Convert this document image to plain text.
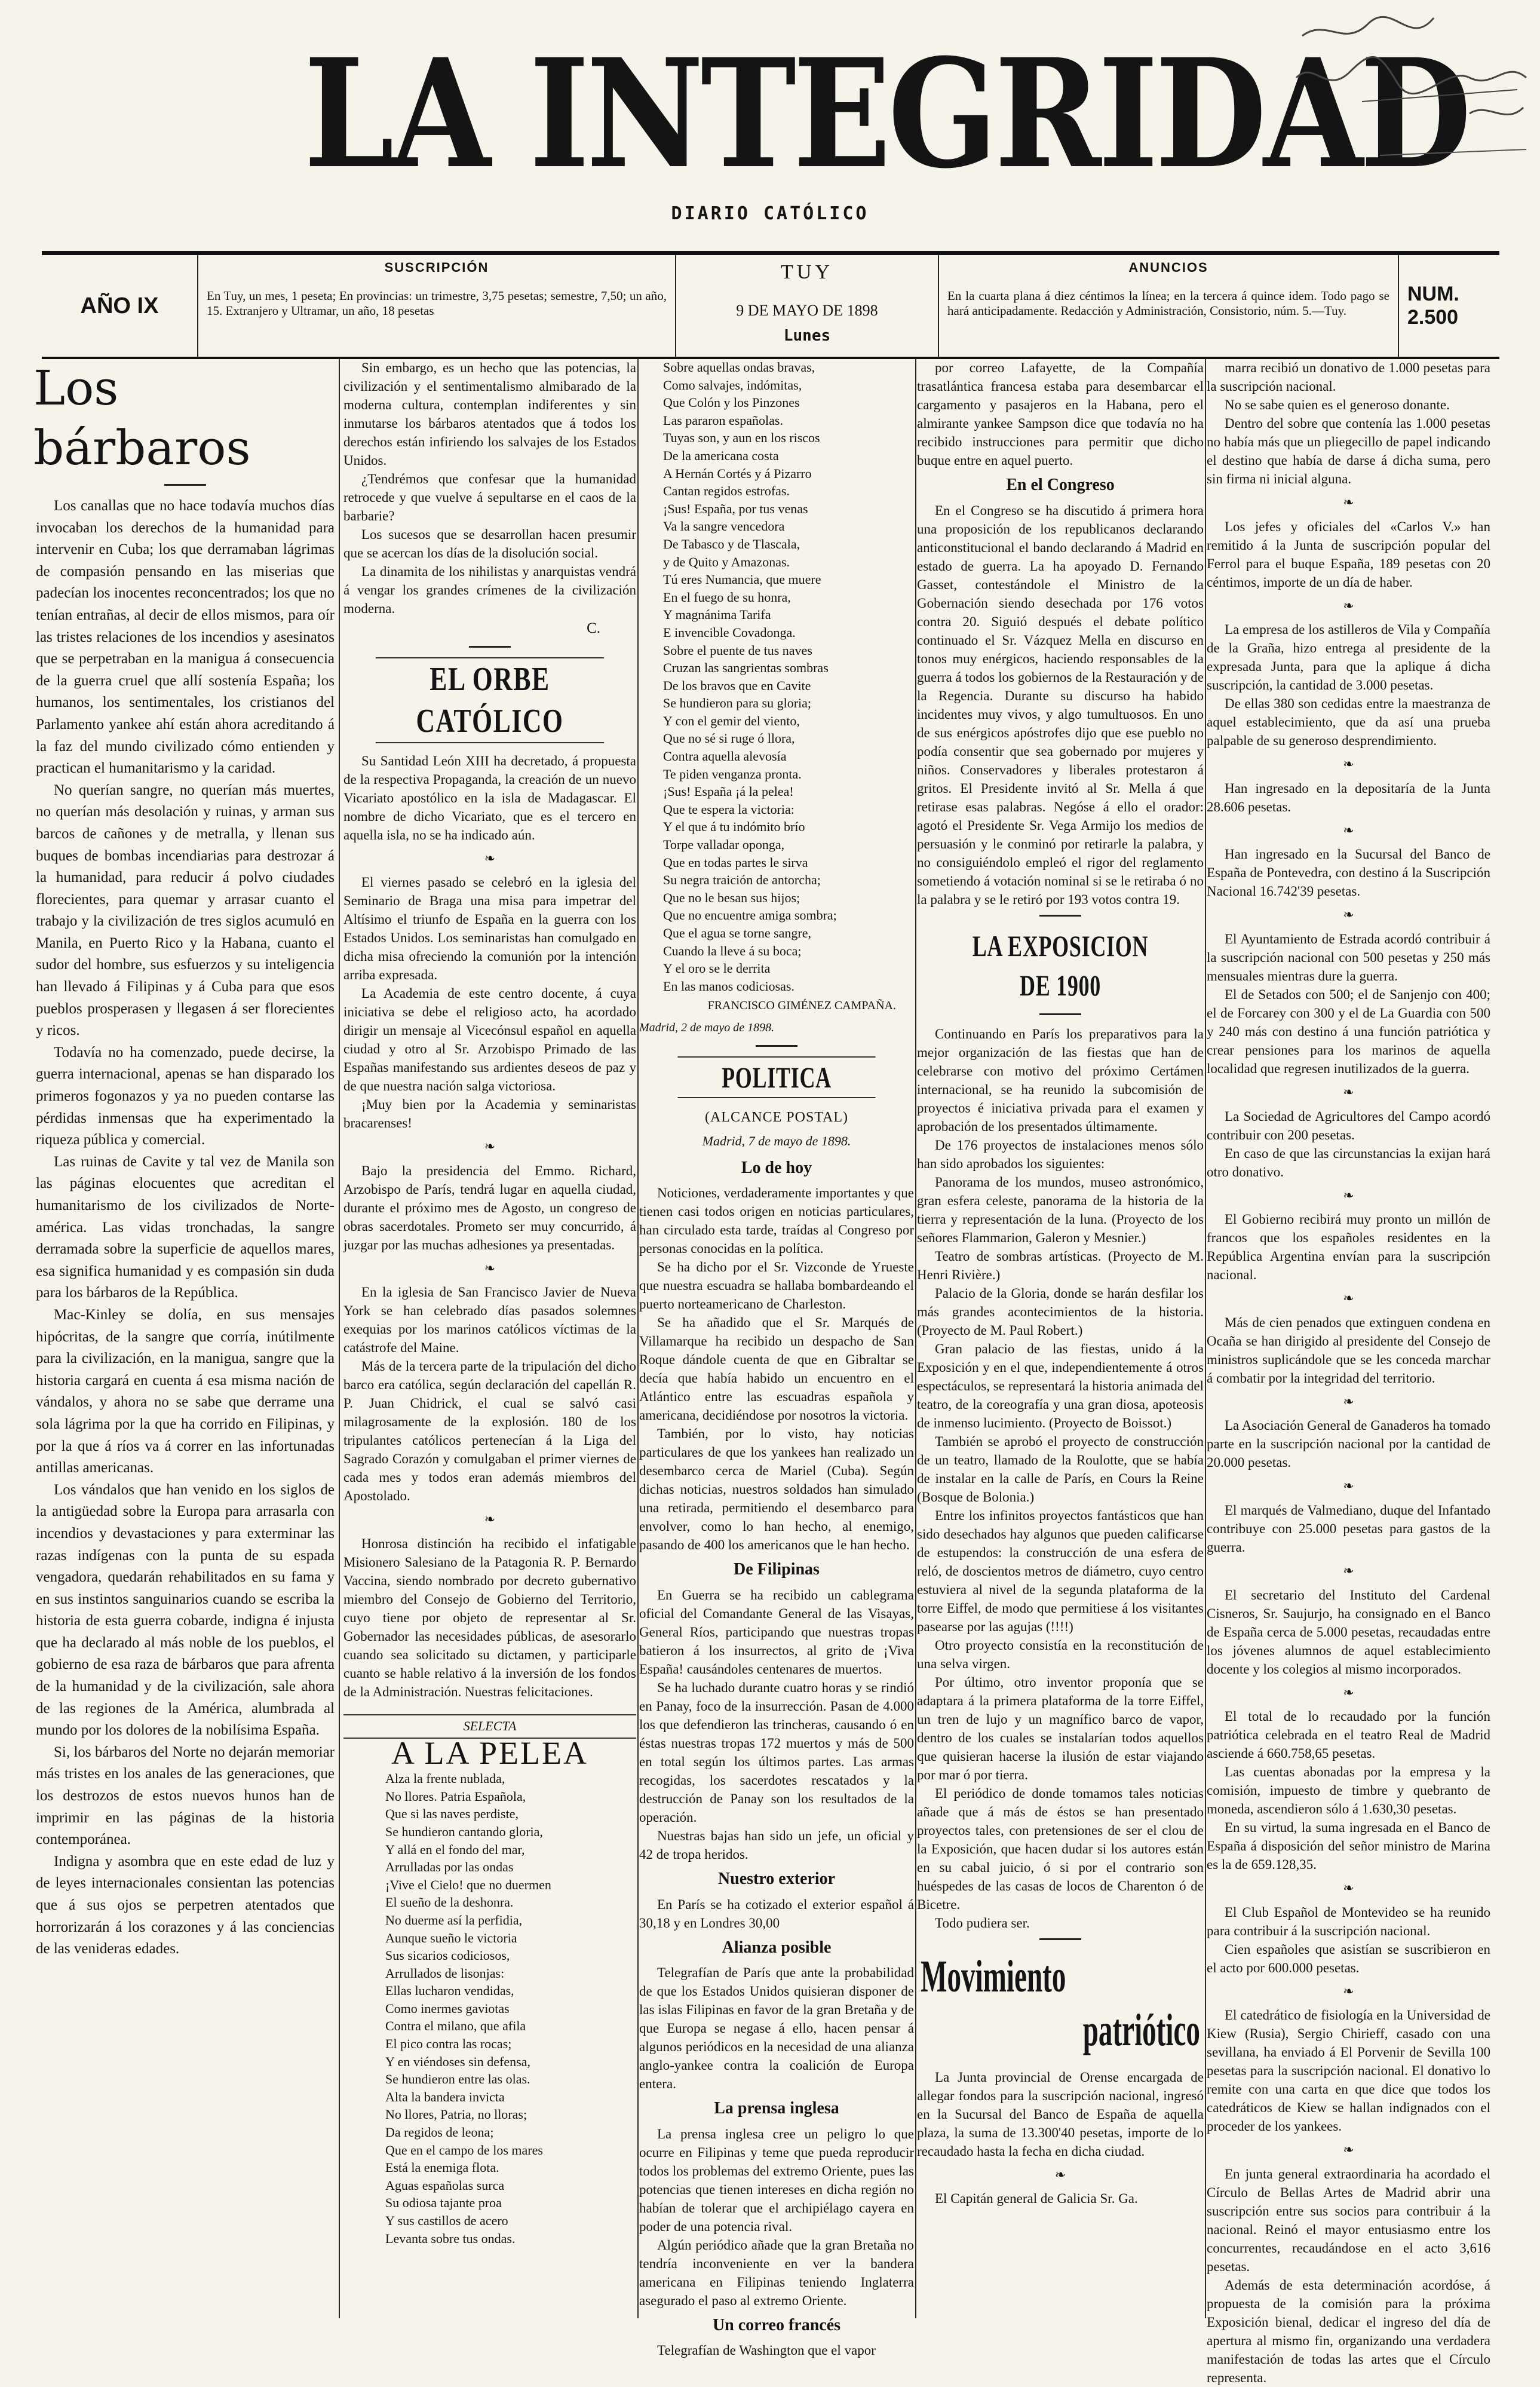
LA INTEGRIDAD
DIARIO CATÓLICO
AÑO IX
SUSCRIPCIÓN
En Tuy, un mes, 1 peseta; En provincias: un trimestre, 3,75 pesetas; semestre, 7,50; un año, 15. Extranjero y Ultramar, un año, 18 pesetas
TUY
9 DE MAYO DE 1898
Lunes
ANUNCIOS
En la cuarta plana á diez céntimos la línea; en la tercera á quince idem. Todo pago se hará anticipadamente. Redacción y Administración, Consistorio, núm. 5.—Tuy.
NUM. 2.500
Los bárbaros

Los canallas que no hace todavía muchos días invocaban los derechos de la humanidad para intervenir en Cuba; los que derramaban lágrimas de compasión pensando en las miserias que padecían los inocentes reconcentrados; los que no tenían entrañas, al decir de ellos mismos, para oír las tristes relaciones de los incendios y asesinatos que se perpetraban en la manigua á consecuencia de la guerra cruel que allí sostenía España; los humanos, los sentimentales, los cristianos del Parlamento yankee ahí están ahora acreditando á la faz del mundo civilizado cómo entienden y practican el humanitarismo y la caridad.

No querían sangre, no querían más muertes, no querían más desolación y ruinas, y arman sus barcos de cañones y de metralla, y llenan sus buques de bombas incendiarias para destrozar á la humanidad, para reducir á polvo ciudades florecientes, para quemar y arrasar cuanto el trabajo y la civilización de tres siglos acumuló en Manila, en Puerto Rico y la Habana, cuanto el sudor del hombre, sus esfuerzos y su inteligencia han llevado á Filipinas y á Cuba para que esos pueblos prosperasen y llegasen á ser florecientes y ricos.

Todavía no ha comenzado, puede decirse, la guerra internacional, apenas se han disparado los primeros fogonazos y ya no pueden contarse las pérdidas inmensas que ha experimentado la riqueza pública y comercial.

Las ruinas de Cavite y tal vez de Manila son las páginas elocuentes que acreditan el humanitarismo de los civilizados de Norte-américa. Las vidas tronchadas, la sangre derramada sobre la superficie de aquellos mares, esa significa humanidad y es compasión sin duda para los bárbaros de la República.

Mac-Kinley se dolía, en sus mensajes hipócritas, de la sangre que corría, inútilmente para la civilización, en la manigua, sangre que la historia cargará en cuenta á esa misma nación de vándalos, y ahora no se sabe que derrame una sola lágrima por la que ha corrido en Filipinas, y por la que á ríos va á correr en las infortunadas antillas americanas.

Los vándalos que han venido en los siglos de la antigüedad sobre la Europa para arrasarla con incendios y devastaciones y para exterminar las razas indígenas con la punta de su espada vengadora, quedarán rehabilitados en su fama y en sus instintos sanguinarios cuando se escriba la historia de esta guerra cobarde, indigna é injusta que ha declarado al más noble de los pueblos, el gobierno de esa raza de bárbaros que para afrenta de la humanidad y de la civilización, sale ahora de las regiones de la América, alumbrada al mundo por los dolores de la nobilísima España.

Si, los bárbaros del Norte no dejarán memoriar más tristes en los anales de las generaciones, que los destrozos de estos nuevos hunos han de imprimir en las páginas de la historia contemporánea.

Indigna y asombra que en este edad de luz y de leyes internacionales consientan las potencias que á sus ojos se perpetren atentados que horrorizarán á los corazones y á las conciencias de las venideras edades.

Sin embargo, es un hecho que las potencias, la civilización y el sentimentalismo almibarado de la moderna cultura, contemplan indiferentes y sin inmutarse los bárbaros atentados que á todos los derechos están infiriendo los salvajes de los Estados Unidos.

¿Tendrémos que confesar que la humanidad retrocede y que vuelve á sepultarse en el caos de la barbarie?

Los sucesos que se desarrollan hacen presumir que se acercan los días de la disolución social.

La dinamita de los nihilistas y anarquistas vendrá á vengar los grandes crímenes de la civilización moderna.

C.
EL ORBE CATÓLICO

Su Santidad León XIII ha decretado, á propuesta de la respectiva Propaganda, la creación de un nuevo Vicariato apostólico en la isla de Madagascar. El nombre de dicho Vicariato, que es el tercero en aquella isla, no se ha indicado aún.

❧

El viernes pasado se celebró en la iglesia del Seminario de Braga una misa para impetrar del Altísimo el triunfo de España en la guerra con los Estados Unidos. Los seminaristas han comulgado en dicha misa ofreciendo la comunión por la intención arriba expresada.

La Academia de este centro docente, á cuya iniciativa se debe el religioso acto, ha acordado dirigir un mensaje al Vicecónsul español en aquella ciudad y otro al Sr. Arzobispo Primado de las Españas manifestando sus ardientes deseos de paz y de que nuestra nación salga victoriosa.

¡Muy bien por la Academia y seminaristas bracarenses!

❧

Bajo la presidencia del Emmo. Richard, Arzobispo de París, tendrá lugar en aquella ciudad, durante el próximo mes de Agosto, un congreso de obras sacerdotales. Prometo ser muy concurrido, á juzgar por las muchas adhesiones ya presentadas.

❧

En la iglesia de San Francisco Javier de Nueva York se han celebrado días pasados solemnes exequias por los marinos católicos víctimas de la catástrofe del Maine.

Más de la tercera parte de la tripulación del dicho barco era católica, según declaración del capellán R. P. Juan Chidrick, el cual se salvó casi milagrosamente de la explosión. 180 de los tripulantes católicos pertenecían á la Liga del Sagrado Corazón y comulgaban el primer viernes de cada mes y todos eran además miembros del Apostolado.

❧

Honrosa distinción ha recibido el infatigable Misionero Salesiano de la Patagonia R. P. Bernardo Vaccina, siendo nombrado por decreto gubernativo miembro del Consejo de Gobierno del Territorio, cuyo tiene por objeto de representar al Sr. Gobernador las necesidades públicas, de asesorarlo cuando sea solicitado su dictamen, y participarle cuanto se hable relativo á la inversión de los fondos de la Administración. Nuestras felicitaciones.

SELECTA
A LA PELEA
Alza la frente nublada,
No llores. Patria Española,
Que si las naves perdiste,
Se hundieron cantando gloria,
Y allá en el fondo del mar,
Arrulladas por las ondas
¡Vive el Cielo! que no duermen
El sueño de la deshonra.
No duerme así la perfidia,
Aunque sueño le victoria
Sus sicarios codiciosos,
Arrullados de lisonjas:
Ellas lucharon vendidas,
Como inermes gaviotas
Contra el milano, que afila
El pico contra las rocas;
Y en viéndoses sin defensa,
Se hundieron entre las olas.
Alta la bandera invicta
No llores, Patria, no lloras;
Da regidos de leona;
Que en el campo de los mares
Está la enemiga flota.
Aguas españolas surca
Su odiosa tajante proa
Y sus castillos de acero
Levanta sobre tus ondas.
Sobre aquellas ondas bravas,
Como salvajes, indómitas,
Que Colón y los Pinzones
Las pararon españolas.
Tuyas son, y aun en los riscos
De la americana costa
A Hernán Cortés y á Pizarro
Cantan regidos estrofas.
¡Sus! España, por tus venas
Va la sangre vencedora
De Tabasco y de Tlascala,
y de Quito y Amazonas.
Tú eres Numancia, que muere
En el fuego de su honra,
Y magnánima Tarifa
E invencible Covadonga.
Sobre el puente de tus naves
Cruzan las sangrientas sombras
De los bravos que en Cavite
Se hundieron para su gloria;
Y con el gemir del viento,
Que no sé si ruge ó llora,
Contra aquella alevosía
Te piden venganza pronta.
¡Sus! España ¡á la pelea!
Que te espera la victoria:
Y el que á tu indómito brío
Torpe valladar oponga,
Que en todas partes le sirva
Su negra traición de antorcha;
Que no le besan sus hijos;
Que no encuentre amiga sombra;
Que el agua se torne sangre,
Cuando la lleve á su boca;
Y el oro se le derrita
En las manos codiciosas.
FRANCISCO GIMÉNEZ CAMPAÑA.
Madrid, 2 de mayo de 1898.
POLITICA
(ALCANCE POSTAL)
Madrid, 7 de mayo de 1898.
Lo de hoy

Noticiones, verdaderamente importantes y que tienen casi todos origen en noticias particulares, han circulado esta tarde, traídas al Congreso por personas conocidas en la política.

Se ha dicho por el Sr. Vizconde de Yrueste que nuestra escuadra se hallaba bombardeando el puerto norteamericano de Charleston.

Se ha añadido que el Sr. Marqués de Villamarque ha recibido un despacho de San Roque dándole cuenta de que en Gibraltar se decía que había habido un encuentro en el Atlántico entre las escuadras española y americana, decidiéndose por nosotros la victoria.

También, por lo visto, hay noticias particulares de que los yankees han realizado un desembarco cerca de Mariel (Cuba). Según dichas noticias, nuestros soldados han simulado una retirada, permitiendo el desembarco para envolver, como lo han hecho, al enemigo, pasando de 400 los americanos que le han hecho.

De Filipinas

En Guerra se ha recibido un cablegrama oficial del Comandante General de las Visayas, General Ríos, participando que nuestras tropas batieron á los insurrectos, al grito de ¡Viva España! causándoles centenares de muertos.

Se ha luchado durante cuatro horas y se rindió en Panay, foco de la insurrección. Pasan de 4.000 los que defendieron las trincheras, causando ó en éstas nuestras tropas 172 muertos y más de 500 en total según los últimos partes. Las armas recogidas, los sacerdotes rescatados y la destrucción de Panay son los resultados de la operación.

Nuestras bajas han sido un jefe, un oficial y 42 de tropa heridos.

Nuestro exterior

En París se ha cotizado el exterior español á 30,18 y en Londres 30,00

Alianza posible

Telegrafían de París que ante la probabilidad de que los Estados Unidos quisieran disponer de las islas Filipinas en favor de la gran Bretaña y de que Europa se negase á ello, hacen pensar á algunos periódicos en la necesidad de una alianza anglo-yankee contra la coalición de Europa entera.

La prensa inglesa

La prensa inglesa cree un peligro lo que ocurre en Filipinas y teme que pueda reproducir todos los problemas del extremo Oriente, pues las potencias que tienen intereses en dicha región no habían de tolerar que el archipiélago cayera en poder de una potencia rival.

Algún periódico añade que la gran Bretaña no tendría inconveniente en ver la bandera americana en Filipinas teniendo Inglaterra asegurado el paso al extremo Oriente.

Un correo francés

Telegrafían de Washington que el vapor

por correo Lafayette, de la Compañía trasatlántica francesa estaba para desembarcar el cargamento y pasajeros en la Habana, pero el almirante yankee Sampson dice que todavía no ha recibido instrucciones para permitir que dicho buque entre en aquel puerto.

En el Congreso

En el Congreso se ha discutido á primera hora una proposición de los republicanos declarando anticonstitucional el bando declarando á Madrid en estado de guerra. La ha apoyado D. Fernando Gasset, contestándole el Ministro de la Gobernación siendo desechada por 176 votos contra 20. Siguió después el debate político continuado el Sr. Vázquez Mella en discurso en tonos muy enérgicos, haciendo responsables de la guerra á todos los gobiernos de la Restauración y de la Regencia. Durante su discurso ha habido incidentes muy vivos, y algo tumultuosos. En uno de sus enérgicos apóstrofes dijo que ese pueblo no podía consentir que sea gobernado por mujeres y niños. Conservadores y liberales protestaron á gritos. El Presidente invitó al Sr. Mella á que retirase esas palabras. Negóse á ello el orador: agotó el Presidente Sr. Vega Armijo los medios de persuasión y le conminó por retirarle la palabra, y no consiguiéndolo empleó el rigor del reglamento sometiendo á votación nominal si se le retiraba ó no la palabra y se le retiró por 193 votos contra 19.

LA EXPOSICION DE 1900

Continuando en París los preparativos para la mejor organización de las fiestas que han de celebrarse con motivo del próximo Certámen internacional, se ha reunido la subcomisión de proyectos é iniciativa privada para el examen y aprobación de los presentados últimamente.

De 176 proyectos de instalaciones menos sólo han sido aprobados los siguientes:

Panorama de los mundos, museo astronómico, gran esfera celeste, panorama de la historia de la tierra y representación de la luna. (Proyecto de los señores Flammarion, Galeron y Mesnier.)

Teatro de sombras artísticas. (Proyecto de M. Henri Rivière.)

Palacio de la Gloria, donde se harán desfilar los más grandes acontecimientos de la historia. (Proyecto de M. Paul Robert.)

Gran palacio de las fiestas, unido á la Exposición y en el que, independientemente á otros espectáculos, se representará la historia animada del teatro, de la coreografía y una gran diosa, apoteosis de inmenso lucimiento. (Proyecto de Boissot.)

También se aprobó el proyecto de construcción de un teatro, llamado de la Roulotte, que se había de instalar en la calle de París, en Cours la Reine (Bosque de Bolonia.)

Entre los infinitos proyectos fantásticos que han sido desechados hay algunos que pueden calificarse de estupendos: la construcción de una esfera de reló, de doscientos metros de diámetro, cuyo centro estuviera al nivel de la segunda plataforma de la torre Eiffel, de modo que permitiese á los visitantes pasearse por las agujas (!!!!)

Otro proyecto consistía en la reconstitución de una selva virgen.

Por último, otro inventor proponía que se adaptara á la primera plataforma de la torre Eiffel, un tren de lujo y un magnífico barco de vapor, dentro de los cuales se instalarían todos aquellos que quisieran hacerse la ilusión de estar viajando por mar ó por tierra.

El periódico de donde tomamos tales noticias añade que á más de éstos se han presentado proyectos tales, con pretensiones de ser el clou de la Exposición, que hacen dudar si los autores están en su cabal juicio, ó si por el contrario son huéspedes de las casas de locos de Charenton ó de Bicetre.

Todo pudiera ser.

Movimiento
patriótico

La Junta provincial de Orense encargada de allegar fondos para la suscripción nacional, ingresó en la Sucursal del Banco de España de aquella plaza, la suma de 13.300'40 pesetas, importe de lo recaudado hasta la fecha en dicha ciudad.

❧

El Capitán general de Galicia Sr. Ga.

marra recibió un donativo de 1.000 pesetas para la suscripción nacional.

No se sabe quien es el generoso donante.

Dentro del sobre que contenía las 1.000 pesetas no había más que un pliegecillo de papel indicando el destino que había de darse á dicha suma, pero sin firma ni inicial alguna.

❧

Los jefes y oficiales del «Carlos V.» han remitido á la Junta de suscripción popular del Ferrol para el buque España, 189 pesetas con 20 céntimos, importe de un día de haber.

❧

La empresa de los astilleros de Vila y Compañía de la Graña, hizo entrega al presidente de la expresada Junta, para que la aplique á dicha suscripción, la cantidad de 3.000 pesetas.

De ellas 380 son cedidas entre la maestranza de aquel establecimiento, que da así una prueba palpable de su generoso desprendimiento.

❧

Han ingresado en la depositaría de la Junta 28.606 pesetas.

❧

Han ingresado en la Sucursal del Banco de España de Pontevedra, con destino á la Suscripción Nacional 16.742'39 pesetas.

❧

El Ayuntamiento de Estrada acordó contribuir á la suscripción nacional con 500 pesetas y 250 más mensuales mientras dure la guerra.

El de Setados con 500; el de Sanjenjo con 400; el de Forcarey con 300 y el de La Guardia con 500 y 240 más con destino á una función patriótica y crear pensiones para los marinos de aquella localidad que regresen inutilizados de la guerra.

❧

La Sociedad de Agricultores del Campo acordó contribuir con 200 pesetas.

En caso de que las circunstancias la exijan hará otro donativo.

❧

El Gobierno recibirá muy pronto un millón de francos que los españoles residentes en la República Argentina envían para la suscripción nacional.

❧

Más de cien penados que extinguen condena en Ocaña se han dirigido al presidente del Consejo de ministros suplicándole que se les conceda marchar á combatir por la integridad del territorio.

❧

La Asociación General de Ganaderos ha tomado parte en la suscripción nacional por la cantidad de 20.000 pesetas.

❧

El marqués de Valmediano, duque del Infantado contribuye con 25.000 pesetas para gastos de la guerra.

❧

El secretario del Instituto del Cardenal Cisneros, Sr. Saujurjo, ha consignado en el Banco de España cerca de 5.000 pesetas, recaudadas entre los jóvenes alumnos de aquel establecimiento docente y los colegios al mismo incorporados.

❧

El total de lo recaudado por la función patriótica celebrada en el teatro Real de Madrid asciende á 660.758,65 pesetas.

Las cuentas abonadas por la empresa y la comisión, impuesto de timbre y quebranto de moneda, ascendieron sólo á 1.630,30 pesetas.

En su virtud, la suma ingresada en el Banco de España á disposición del señor ministro de Marina es la de 659.128,35.

❧

El Club Español de Montevideo se ha reunido para contribuir á la suscripción nacional.

Cien españoles que asistían se suscribieron en el acto por 600.000 pesetas.

❧

El catedrático de fisiología en la Universidad de Kiew (Rusia), Sergio Chirieff, casado con una sevillana, ha enviado á El Porvenir de Sevilla 100 pesetas para la suscripción nacional. El donativo lo remite con una carta en que dice que todos los catedráticos de Kiew se hallan indignados con el proceder de los yankees.

❧

En junta general extraordinaria ha acordado el Círculo de Bellas Artes de Madrid abrir una suscripción entre sus socios para contribuir á la nacional. Reinó el mayor entusiasmo entre los concurrentes, recaudándose en el acto 3,616 pesetas.

Además de esta determinación acordóse, á propuesta de la comisión para la próxima Exposición bienal, dedicar el ingreso del día de apertura al mismo fin, organizando una verdadera manifestación de todas las artes que el Círculo representa.
